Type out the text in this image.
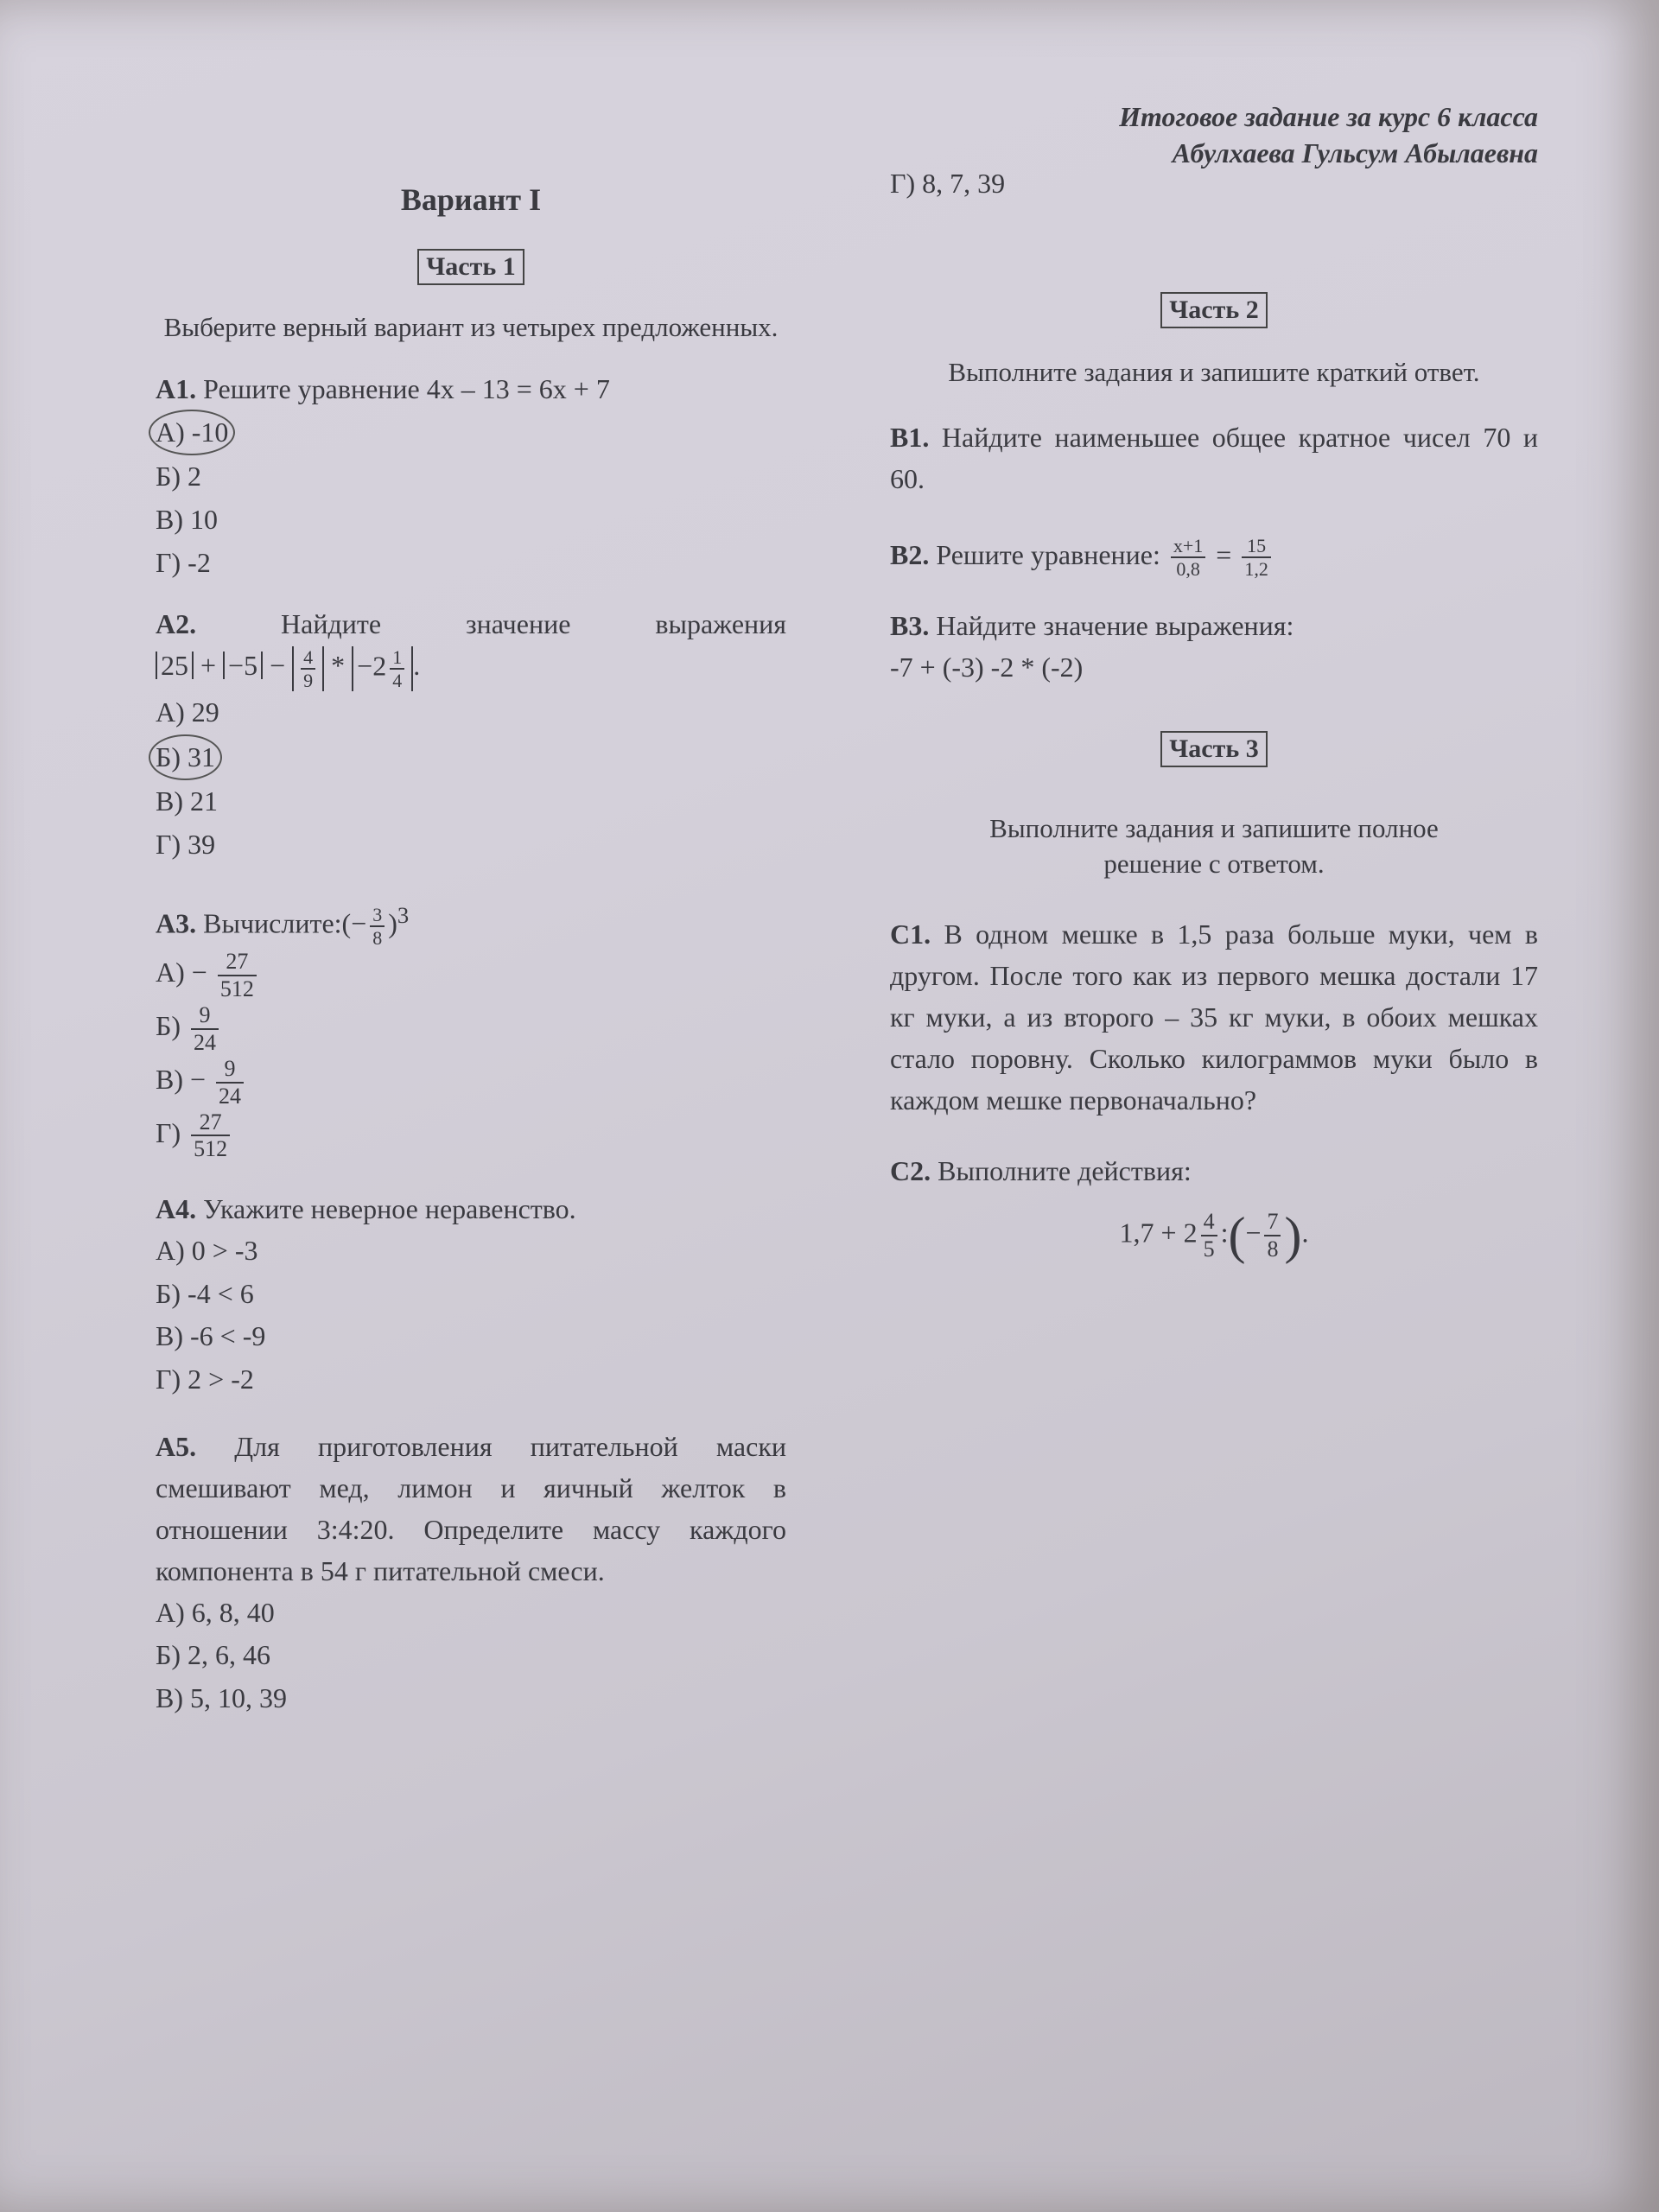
Вариант I

Часть 1

Выберите верный вариант из четырех предложенных.

А1. Решите уравнение 4x – 13 = 6x + 7

А) -10

Б) 2

В) 10

Г) -2

А2.	Найдите значение выражения

$25 + -5 - \frac{4}{9} * -2 \frac{1}{4}$ .

А) 29

Б) 31

В) 21

Г) 39

А3. Вычислите:(− $\frac{3}{8} )^3$

$А) - \frac{27}{512}$

$Б) \frac{9}{24}$

$В) - \frac{9}{24}$

$Г) \frac{27}{512}$

А4. Укажите неверное неравенство.

А) 0 > -3

Б) -4 < 6

В) -6 < -9

Г) 2 > -2

А5. Для приготовления питательной маски смешивают мед, лимон и яичный желток в отношении 3:4:20. Определите массу каждого компонента в 54 г питательной смеси.

А) 6, 8, 40

Б) 2, 6, 46

В) 5, 10, 39

Итоговое задание за курс 6 класса

Абулхаева Гульсум Абылаевна

Г) 8, 7, 39

Часть 2

Выполните задания и запишите краткий ответ.

В1. Найдите наименьшее общее кратное чисел 70 и 60.

В2. Решите уравнение: $\frac{x+1}{0,8} = \frac{15}{1,2}$

В3. Найдите значение выражения:

-7 + (-3) -2 * (-2)

Часть 3

Выполните задания и запишите полное решение с ответом.

С1. В одном мешке в 1,5 раза больше муки, чем в другом. После того как из первого мешка достали 17 кг муки, а из второго – 35 кг муки, в обоих мешках стало поровну. Сколько килограммов муки было в каждом мешке первоначально?

С2. Выполните действия:

$1,7 + 2 \frac{4}{5}$ :(− $\frac{7}{8}$ ).
